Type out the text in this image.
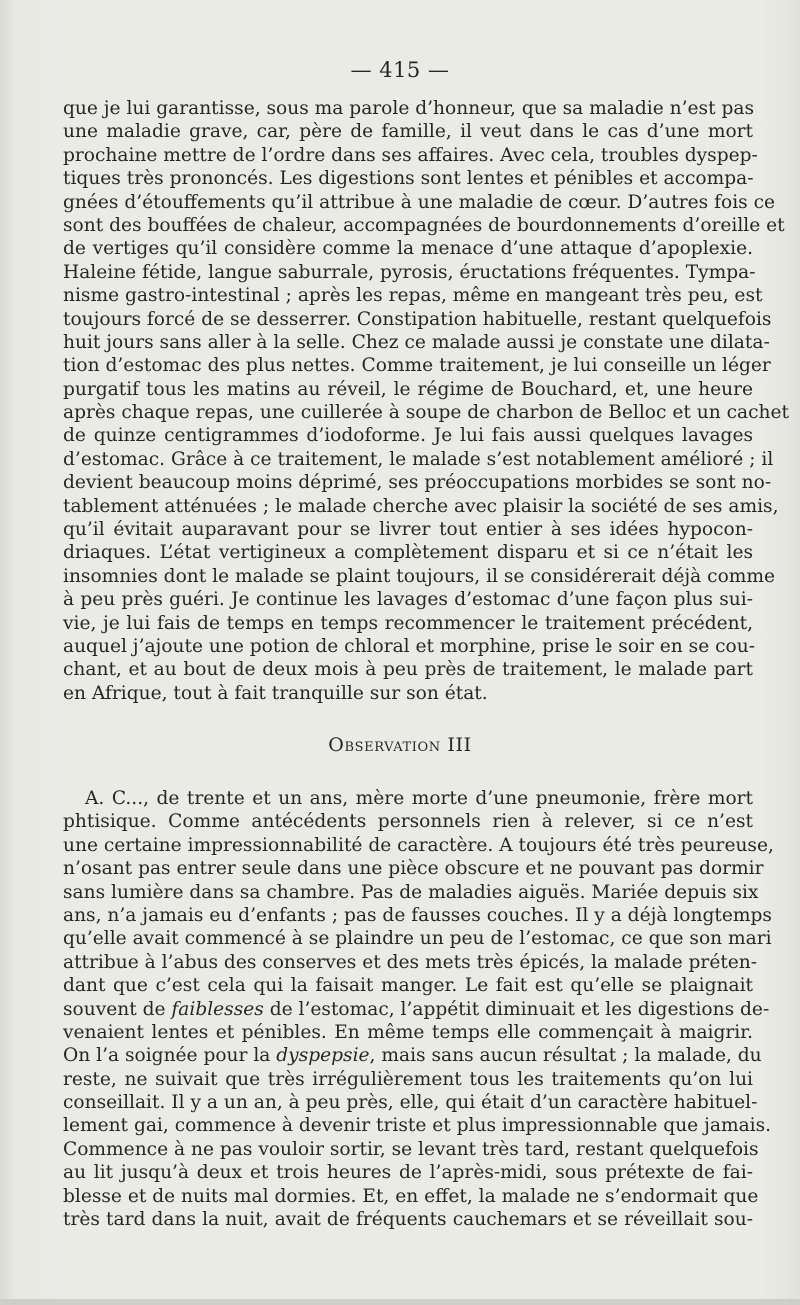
— 415 —
que je lui garantisse, sous ma parole d’honneur, que sa maladie n’est pas
une maladie grave, car, père de famille, il veut dans le cas d’une mort
prochaine mettre de l’ordre dans ses affaires. Avec cela, troubles dyspep-
tiques très prononcés. Les digestions sont lentes et pénibles et accompa-
gnées d’étouffements qu’il attribue à une maladie de cœur. D’autres fois ce
sont des bouffées de chaleur, accompagnées de bourdonnements d’oreille et
de vertiges qu’il considère comme la menace d’une attaque d’apoplexie.
Haleine fétide, langue saburrale, pyrosis, éructations fréquentes. Tympa-
nisme gastro-intestinal ; après les repas, même en mangeant très peu, est
toujours forcé de se desserrer. Constipation habituelle, restant quelquefois
huit jours sans aller à la selle. Chez ce malade aussi je constate une dilata-
tion d’estomac des plus nettes. Comme traitement, je lui conseille un léger
purgatif tous les matins au réveil, le régime de Bouchard, et, une heure
après chaque repas, une cuillerée à soupe de charbon de Belloc et un cachet
de quinze centigrammes d’iodoforme. Je lui fais aussi quelques lavages
d’estomac. Grâce à ce traitement, le malade s’est notablement amélioré ; il
devient beaucoup moins déprimé, ses préoccupations morbides se sont no-
tablement atténuées ; le malade cherche avec plaisir la société de ses amis,
qu’il évitait auparavant pour se livrer tout entier à ses idées hypocon-
driaques. L’état vertigineux a complètement disparu et si ce n’était les
insomnies dont le malade se plaint toujours, il se considérerait déjà comme
à peu près guéri. Je continue les lavages d’estomac d’une façon plus sui-
vie, je lui fais de temps en temps recommencer le traitement précédent,
auquel j’ajoute une potion de chloral et morphine, prise le soir en se cou-
chant, et au bout de deux mois à peu près de traitement, le malade part
en Afrique, tout à fait tranquille sur son état.
Observation III
A. C..., de trente et un ans, mère morte d’une pneumonie, frère mort
phtisique. Comme antécédents personnels rien à relever, si ce n’est
une certaine impressionnabilité de caractère. A toujours été très peureuse,
n’osant pas entrer seule dans une pièce obscure et ne pouvant pas dormir
sans lumière dans sa chambre. Pas de maladies aiguës. Mariée depuis six
ans, n’a jamais eu d’enfants ; pas de fausses couches. Il y a déjà longtemps
qu’elle avait commencé à se plaindre un peu de l’estomac, ce que son mari
attribue à l’abus des conserves et des mets très épicés, la malade préten-
dant que c’est cela qui la faisait manger. Le fait est qu’elle se plaignait
souvent de faiblesses de l’estomac, l’appétit diminuait et les digestions de-
venaient lentes et pénibles. En même temps elle commençait à maigrir.
On l’a soignée pour la dyspepsie, mais sans aucun résultat ; la malade, du
reste, ne suivait que très irrégulièrement tous les traitements qu’on lui
conseillait. Il y a un an, à peu près, elle, qui était d’un caractère habituel-
lement gai, commence à devenir triste et plus impressionnable que jamais.
Commence à ne pas vouloir sortir, se levant très tard, restant quelquefois
au lit jusqu’à deux et trois heures de l’après-midi, sous prétexte de fai-
blesse et de nuits mal dormies. Et, en effet, la malade ne s’endormait que
très tard dans la nuit, avait de fréquents cauchemars et se réveillait sou-
